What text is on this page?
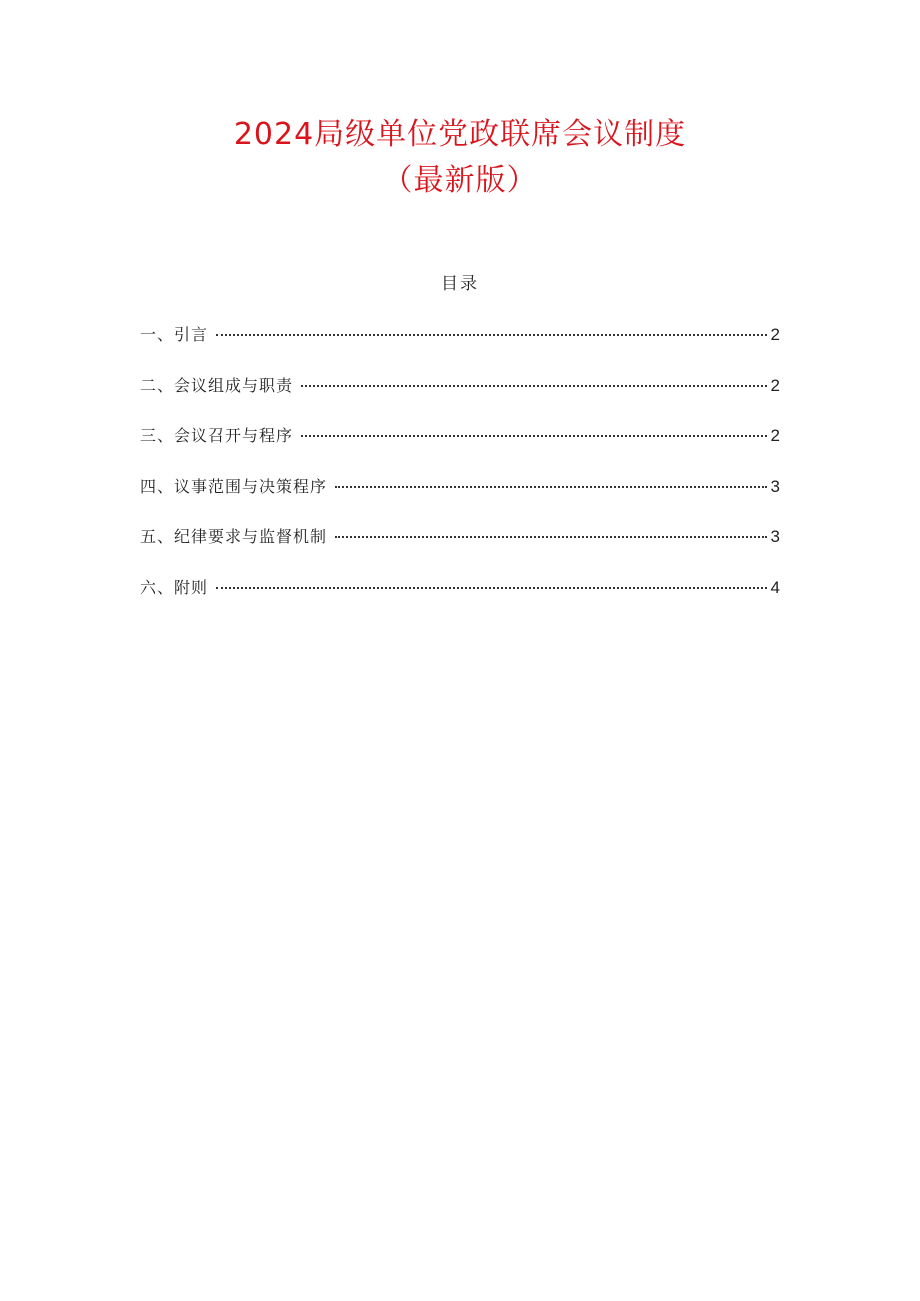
2024局级单位党政联席会议制度
（最新版）
目录
一、引言	2
二、会议组成与职责	2
三、会议召开与程序	2
四、议事范围与决策程序	3
五、纪律要求与监督机制	3
六、附则	4
